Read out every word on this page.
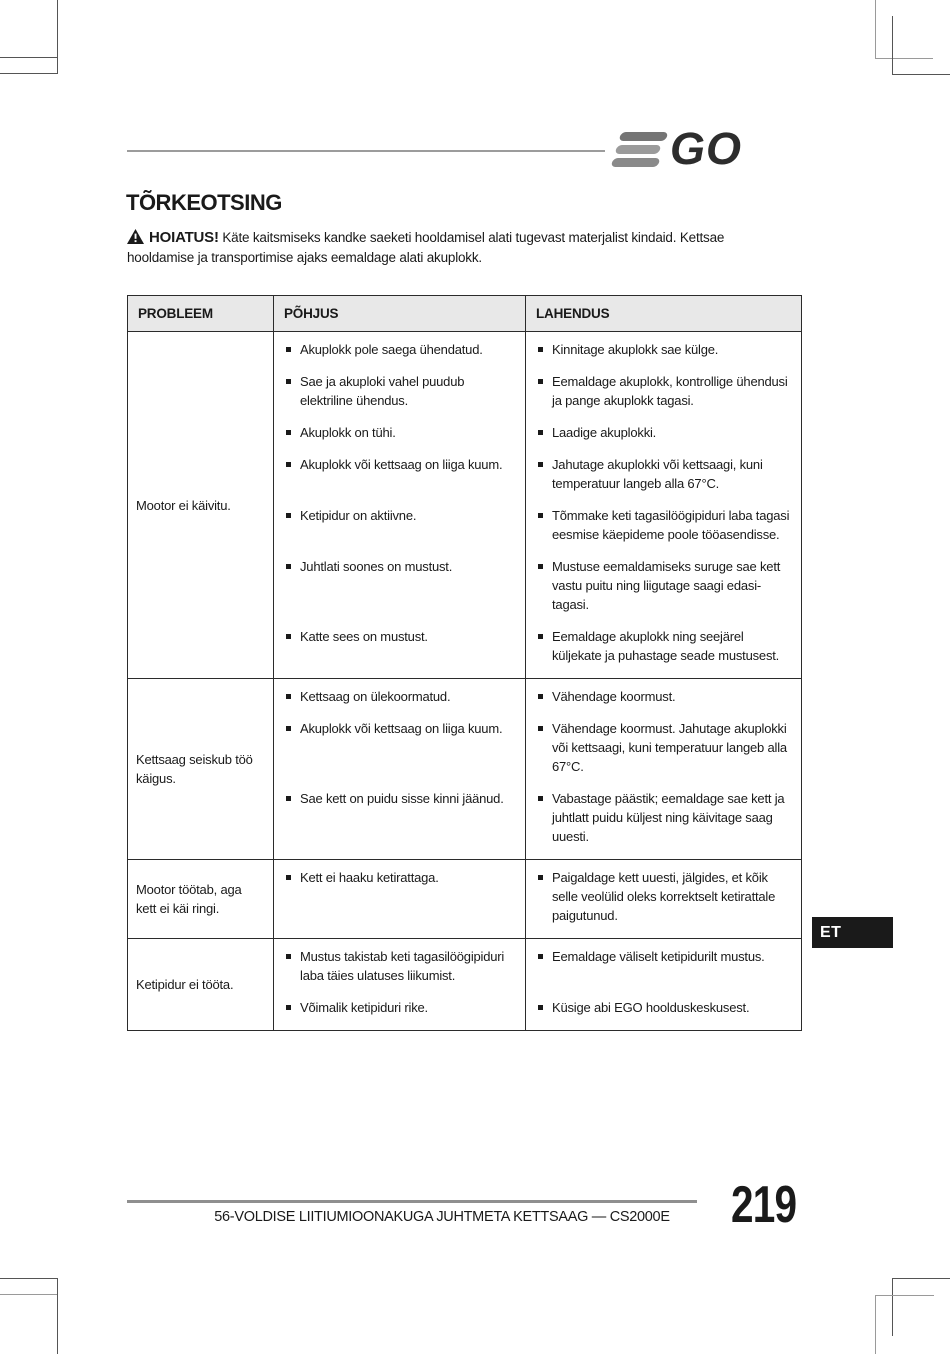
GO
TÕRKEOTSING
HOIATUS! Käte kaitsmiseks kandke saeketi hooldamisel alati tugevast materjalist kindaid. Kettsae hooldamise ja transportimise ajaks eemaldage alati akuplokk.
PROBLEEM	PÕHJUS	LAHENDUS
Mootor ei käivitu.	Akuplokk pole saega ühendatud.	Kinnitage akuplokk sae külge.

	Sae ja akuploki vahel puudub elektriline ühendus.	Eemaldage akuplokk, kontrollige ühendusi ja pange akuplokk tagasi.

	Akuplokk on tühi.	Laadige akuplokki.

	Akuplokk või kettsaag on liiga kuum.	Jahutage akuplokki või kettsaagi, kuni temperatuur langeb alla 67°C.

	Ketipidur on aktiivne.	Tõmmake keti tagasilöögipiduri laba tagasi eesmise käepideme poole tööasendisse.

	Juhtlati soones on mustust.	Mustuse eemaldamiseks suruge sae kett vastu puitu ning liigutage saagi edasi-tagasi.

	Katte sees on mustust.	Eemaldage akuplokk ning seejärel küljekate ja puhastage seade mustusest.

Kettsaag seiskub töö käigus.	Kettsaag on ülekoormatud.	Vähendage koormust.

	Akuplokk või kettsaag on liiga kuum.	Vähendage koormust. Jahutage akuplokki või kettsaagi, kuni temperatuur langeb alla 67°C.

	Sae kett on puidu sisse kinni jäänud.	Vabastage päästik; eemaldage sae kett ja juhtlatt puidu küljest ning käivitage saag uuesti.

Mootor töötab, aga kett ei käi ringi.	Kett ei haaku ketirattaga.	Paigaldage kett uuesti, jälgides, et kõik selle veolülid oleks korrektselt ketirattale paigutunud.

Ketipidur ei tööta.	Mustus takistab keti tagasilöögipiduri laba täies ulatuses liikumist.	Eemaldage väliselt ketipidurilt mustus.

	Võimalik ketipiduri rike.	Küsige abi EGO hoolduskeskusest.
ET
56-VOLDISE LIITIUMIOONAKUGA JUHTMETA KETTSAAG — CS2000E	219
